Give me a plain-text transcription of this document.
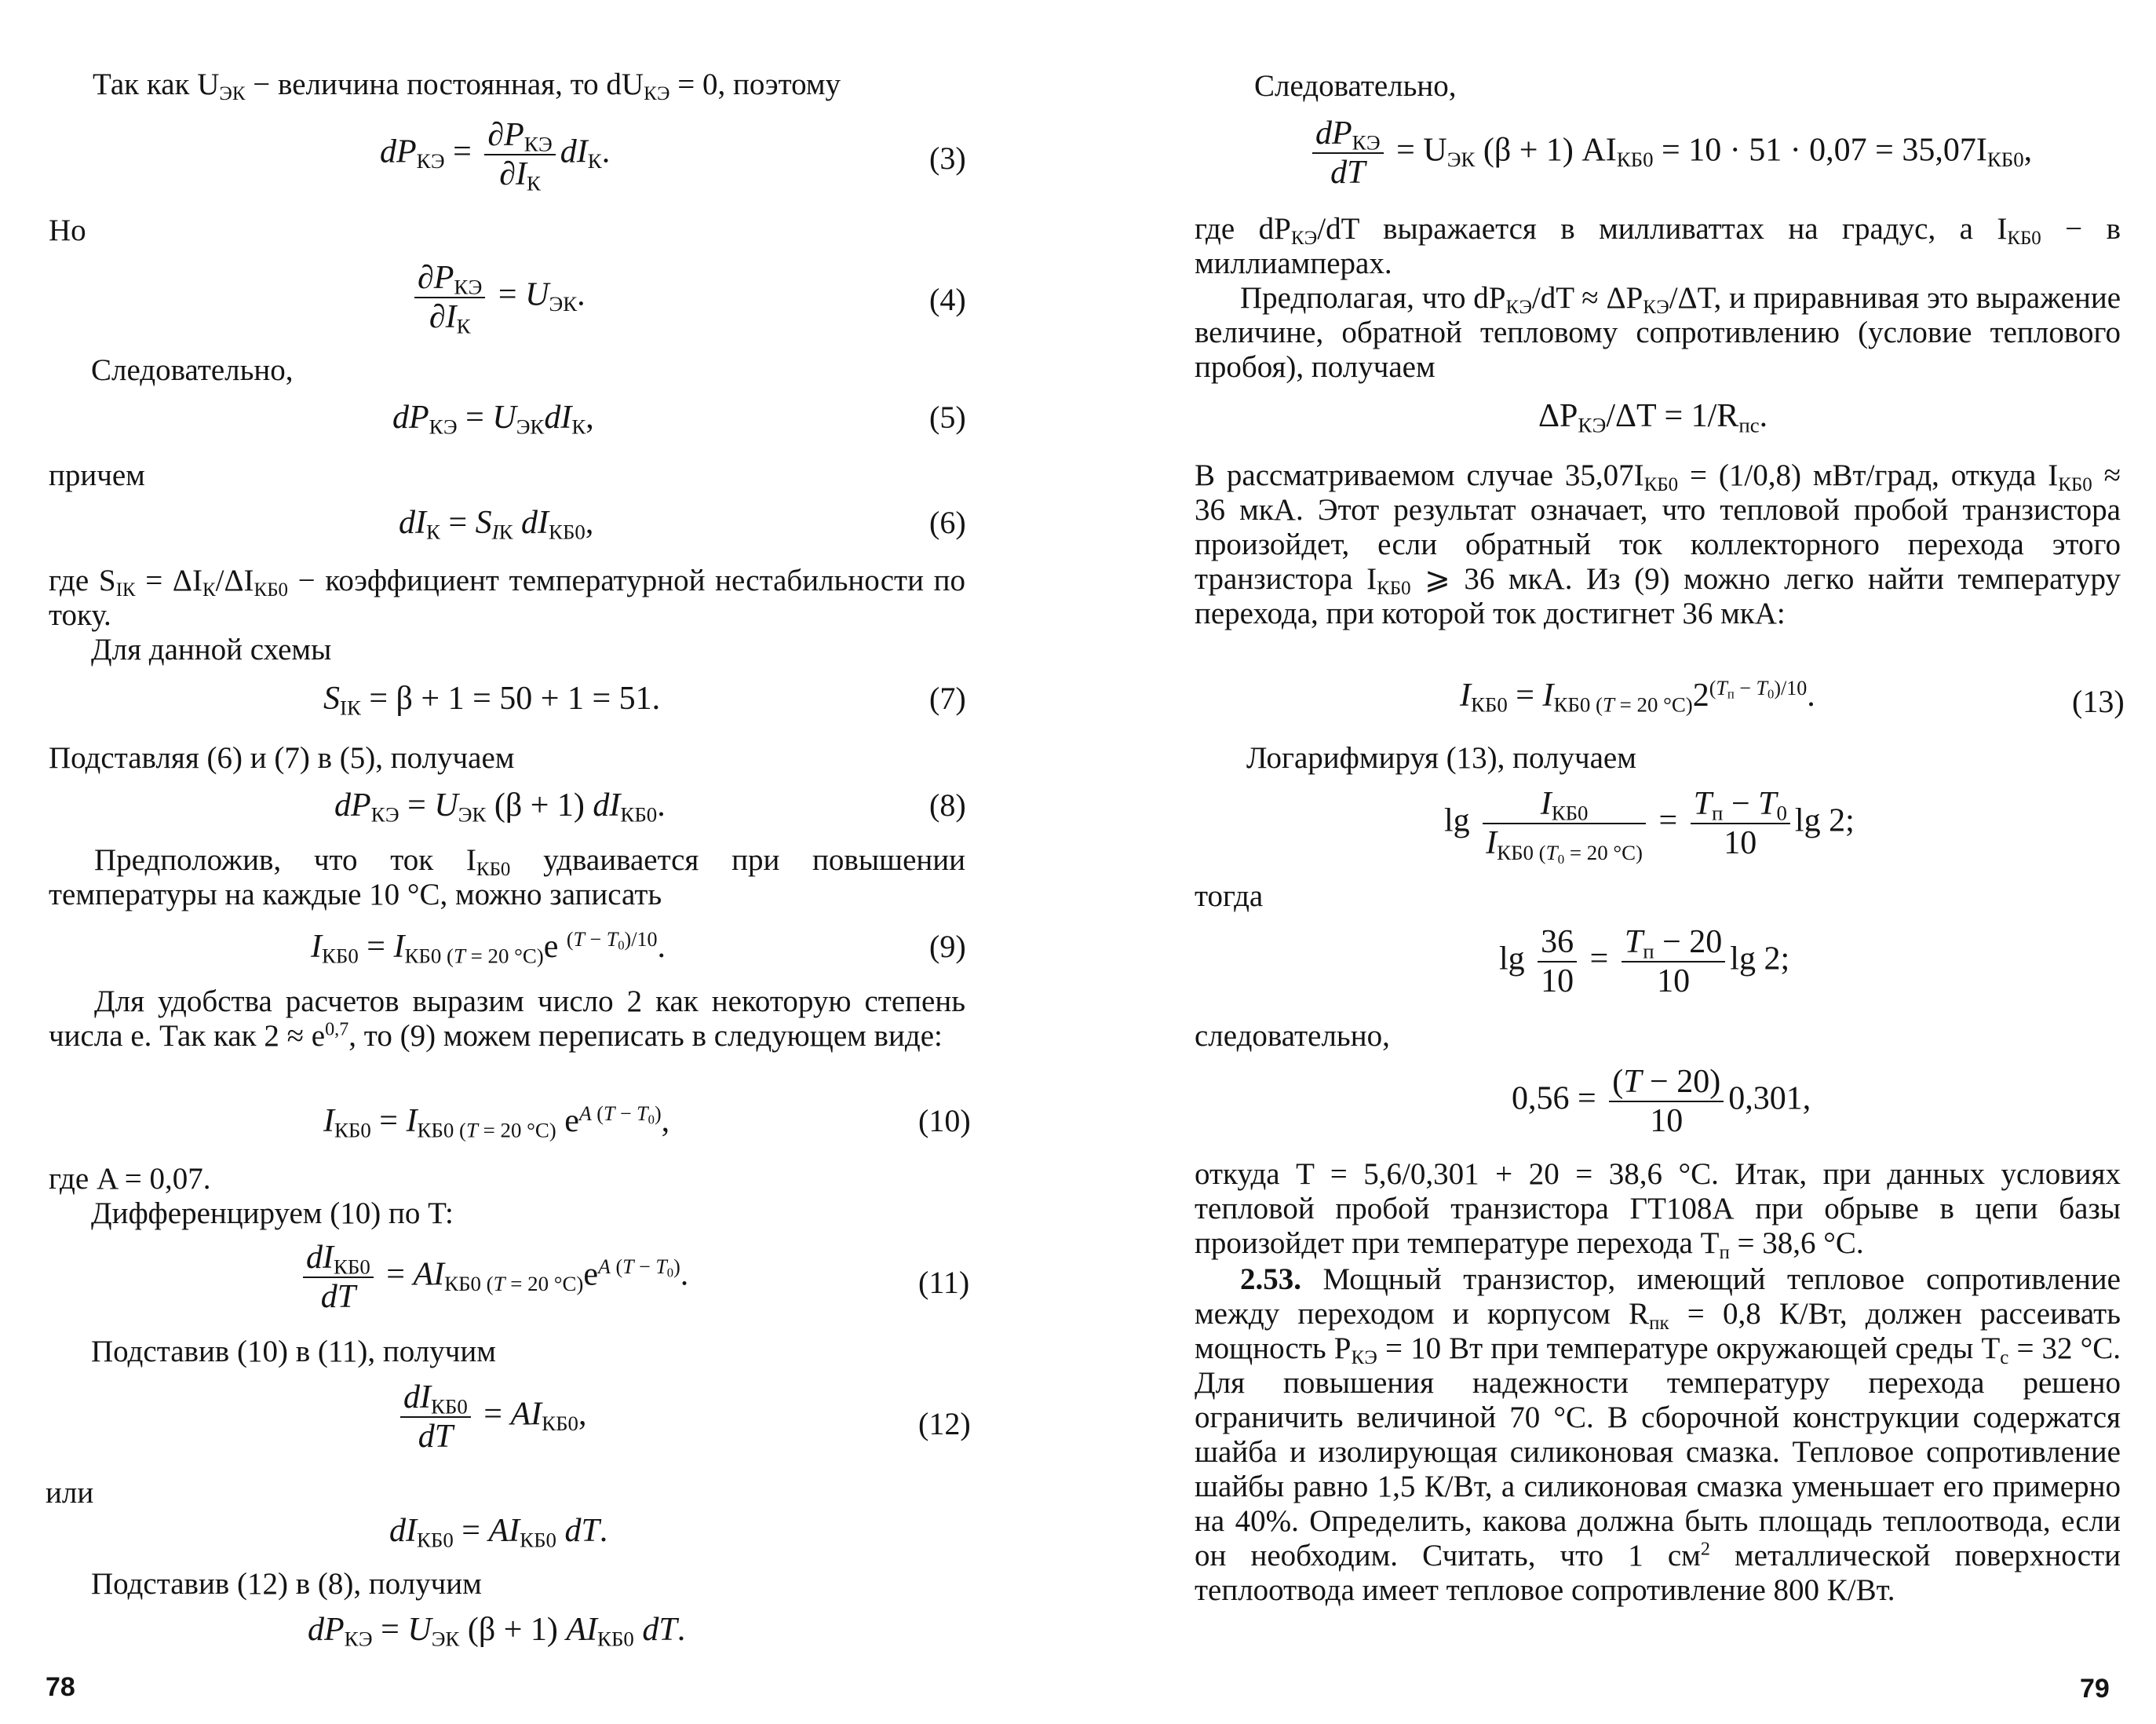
Так как $U_{ЭК}$ − величина постоянная, то $dU_{КЭ} = 0$, поэтому
$dP_{КЭ} = \partial P_{КЭ}$
$\partial I_К$
$dI_К$.	(3)
Но
$\partial P_{КЭ}$
$\partial I_К$
= $U_{ЭК}$.	(4)
Следовательно,
$dP_{КЭ} = U_{ЭК}dI_К$,	(5)
причем
$dI_К = S_{IК}$ $dI_{КБ0}$,	(6)
где $S_{IК} = \Delta I_К/\Delta I_{КБ0}$ − коэффициент температурной нестабильности по току.
Для данной схемы
$S_{IК} = \beta + 1 = 50 + 1 = 51$.	(7)
Подставляя (6) и (7) в (5), получаем
$dP_{КЭ} = U_{ЭК}$ (β + 1) $dI_{КБ0}$.	(8)
Предположив, что ток $I_{КБ0}$ удваивается при повышении температуры на каждые 10 °С, можно записать
$I_{КБ0} = I_{КБ0 (T = 20 ^\circ С)}e$ $^{(T - T_0)/10}$.	(9)
Для удобства расчетов выразим число 2 как некоторую степень числа e. Так как $2 \approx e^{0,7}$, то (9) можем переписать в следующем виде:
$I_{КБ0} = I_{КБ0 (T = 20 ^\circ С)}$ $e^{A (T - T_0)}$,	(10)
где A = 0,07.
Дифференцируем (10) по T:
$dI_{КБ0}$
dT
= $AI_{КБ0 (T = 20 ^\circ С)}e^{A (T - T_0)}$.	(11)
Подставив (10) в (11), получим
$dI_{КБ0}$
dT
= $AI_{КБ0}$,	(12)
или
$dI_{КБ0} = AI_{КБ0}$ dT.
Подставив (12) в (8), получим
$dP_{КЭ} = U_{ЭК}$ (β + 1) $AI_{КБ0}$ dT.
78
Следовательно,
$dP_{КЭ}$
dT
= $U_{ЭК}$ (β + 1) $AI_{КБ0} = 10 \cdot 51 \cdot 0,07 = 35,07I_{КБ0}$,
где $dP_{КЭ}/dT$ выражается в милливаттах на градус, а $I_{КБ0} - в$ миллиамперах.
Предполагая, что $dP_{КЭ}/dT \approx \Delta P_{КЭ}/\Delta T$, и приравнивая это выражение величине, обратной тепловому сопротивлению (условие теплового пробоя), получаем
$\Delta P_{КЭ}/\Delta T = 1/R_{пс}$.
В рассматриваемом случае $35,07I_{КБ0} = (1/0,8)$ мВт/град, откуда $I_{КБ0} \approx 36$ мкА. Этот результат означает, что тепловой пробой транзистора произойдет, если обратный ток коллекторного перехода этого транзистора $I_{КБ0}$ ⩾ 36 мкА. Из (9) можно легко найти температуру перехода, при которой ток достигнет 36 мкА:
$I_{КБ0} = I_{КБ0 (T = 20 ^\circ С)}2^{(T_п - T_0)/10}$.	(13)
Логарифмируя (13), получаем
lg	$I_{КБ0}$
$I_{КБ0 (T_0 = 20 ^\circ С)}$
= $T_п - T_0$
10
lg 2;
тогда
$\lg \frac{36}{10} = T_п - 20$
10
lg 2;
следовательно,
$0,56 = \frac{(T - 20)}{10} 0,301$,
откуда T = 5,6/0,301 + 20 = 38,6 °С. Итак, при данных условиях тепловой пробой транзистора ГТ108А при обрыве в цепи базы произойдет при температуре перехода $T_п = 38,6$ °С.
2.53. Мощный транзистор, имеющий тепловое сопротивление между переходом и корпусом $R_{пк} = 0,8$ К/Вт, должен рассеивать мощность $P_{КЭ} = 10$ Вт при температуре окружающей среды $T_с = 32$ °С. Для повышения надежности температуру перехода решено ограничить величиной 70 °С. В сборочной конструкции содержатся шайба и изолирующая силиконовая смазка. Тепловое сопротивление шайбы равно 1,5 К/Вт, а силиконовая смазка уменьшает его примерно на 40%. Определить, какова должна быть площадь теплоотвода, если он необходим. Считать, что 1 $см^2$ металлической поверхности теплоотвода имеет тепловое сопротивление 800 К/Вт.
79
